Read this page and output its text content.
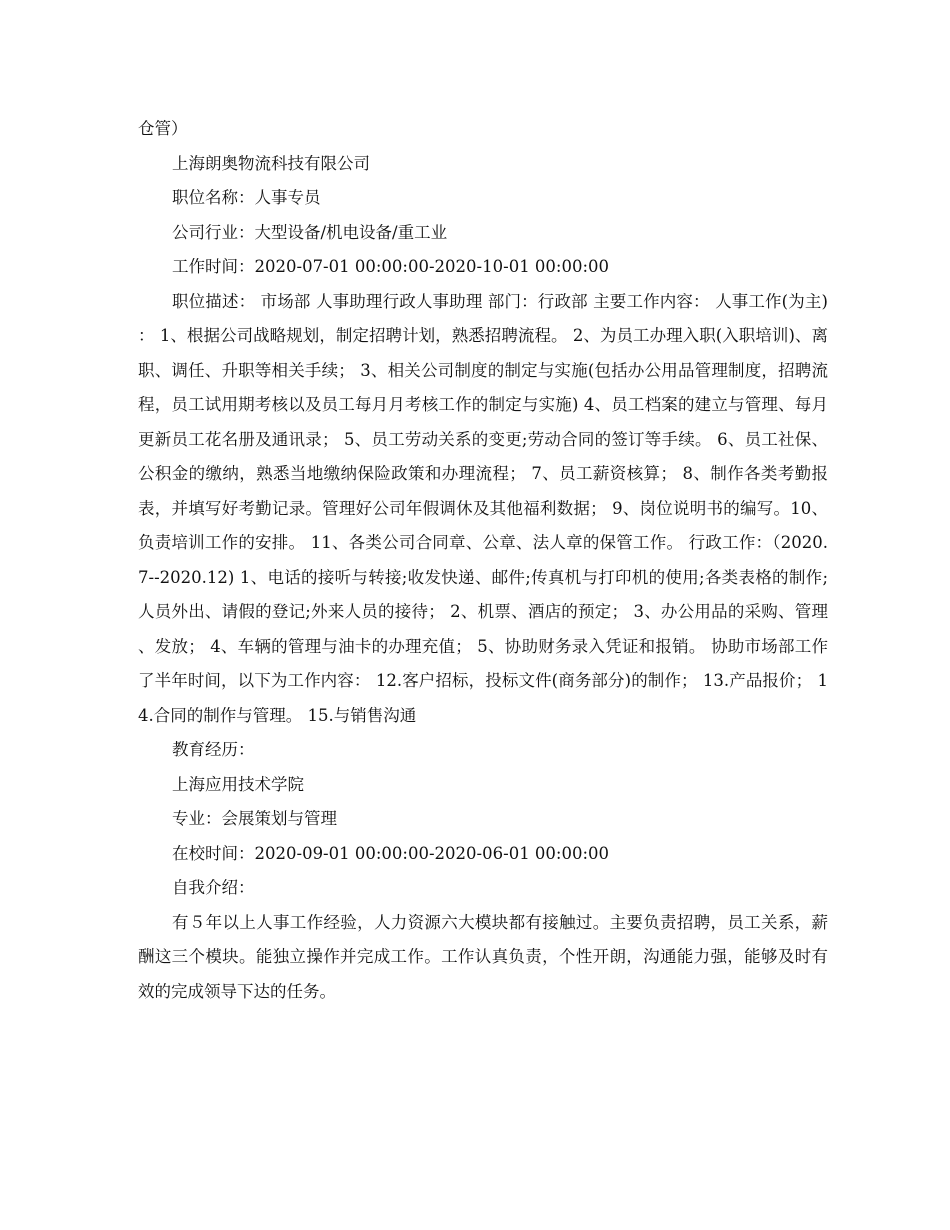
仓管）
上海朗奥物流科技有限公司
职位名称：人事专员
公司行业：大型设备/机电设备/重工业
工作时间：2020-07-01 00:00:00-2020-10-01 00:00:00

职位描述： 市场部 人事助理行政人事助理 部门：行政部 主要工作内容： 人事工作(为主)： 1、根据公司战略规划，制定招聘计划，熟悉招聘流程。 2、为员工办理入职(入职培训)、离职、调任、升职等相关手续； 3、相关公司制度的制定与实施(包括办公用品管理制度，招聘流程，员工试用期考核以及员工每月月考核工作的制定与实施) 4、员工档案的建立与管理、每月更新员工花名册及通讯录； 5、员工劳动关系的变更;劳动合同的签订等手续。 6、员工社保、公积金的缴纳，熟悉当地缴纳保险政策和办理流程； 7、员工薪资核算； 8、制作各类考勤报表，并填写好考勤记录。管理好公司年假调休及其他福利数据； 9、岗位说明书的编写。10、负责培训工作的安排。 11、各类公司合同章、公章、法人章的保管工作。 行政工作：（2020.7--2020.12) 1、电话的接听与转接;收发快递、邮件;传真机与打印机的使用;各类表格的制作;人员外出、请假的登记;外来人员的接待； 2、机票、酒店的预定； 3、办公用品的采购、管理、发放； 4、车辆的管理与油卡的办理充值； 5、协助财务录入凭证和报销。 协助市场部工作了半年时间，以下为工作内容： 12.客户招标，投标文件(商务部分)的制作； 13.产品报价； 14.合同的制作与管理。 15.与销售沟通

教育经历：
上海应用技术学院
专业：会展策划与管理
在校时间：2020-09-01 00:00:00-2020-06-01 00:00:00
自我介绍：

有５年以上人事工作经验，人力资源六大模块都有接触过。主要负责招聘，员工关系，薪酬这三个模块。能独立操作并完成工作。工作认真负责，个性开朗，沟通能力强，能够及时有效的完成领导下达的任务。
